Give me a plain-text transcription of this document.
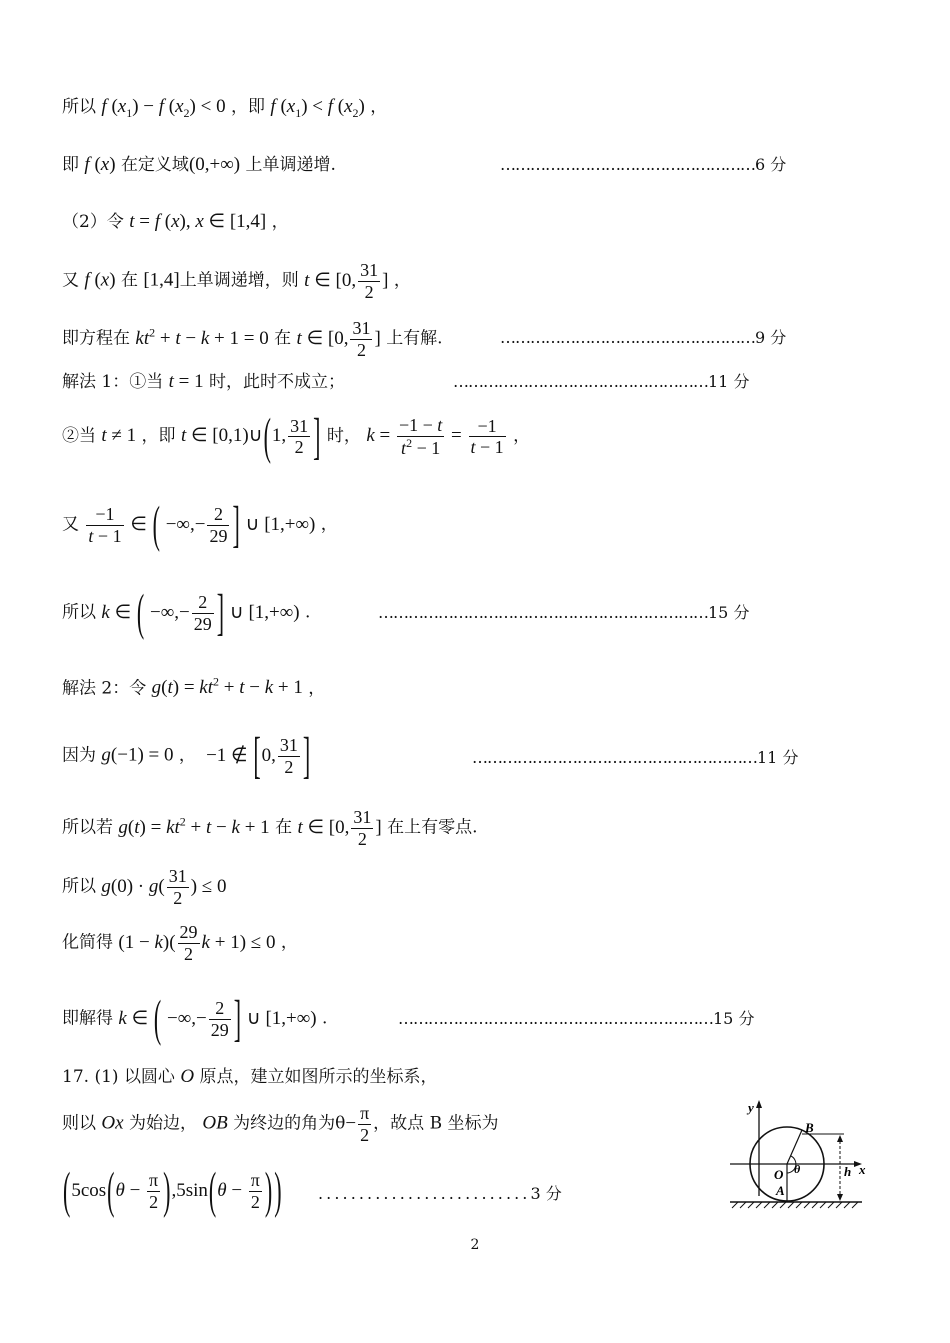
所以 f $(x_1) - f$ $(x_2) < 0$ ，即 f $(x_1) < f$ $(x_2)$ ，
即 f (x) 在定义域(0,+∞) 上单调递增.	……………………………………………6 分
（2）令 t = f (x), x ∈ [1,4] ，
又 f (x) 在 [1,4]上单调递增，则 t ∈ [0, $\frac{31}{2}$ ] ，
即方程在 $kt^2 + t - k + 1 = 0$ 在 t ∈ [0, $\frac{31}{2}$ ] 上有解.	……………………………………………9 分
解法 1：①当 t = 1 时，此时不成立；	……………………………………………11 分
②当 t ≠ 1 ，即 t ∈ [0,1)∪(1, $\frac{31}{2}$ ] 时， $k = \frac{-1 - t}{t^2 - 1} = \frac{-1}{t - 1}$ ，
又 $\frac{-1}{t - 1}$ ∈ ( −∞,− $\frac{2}{29}$ ] ∪ [1,+∞) ，
所以 k ∈ ( −∞,− $\frac{2}{29}$ ] ∪ [1,+∞) .	…………………………………………………………15 分
解法 2：令 $g(t) = kt^2 + t - k + 1$ ，
因为 g(−1) = 0 ，  −1 ∉ [0, $\frac{31}{2}$ ]	…………………………………………………11 分
所以若 $g(t) = kt^2 + t - k + 1$ 在 t ∈ [0, $\frac{31}{2}$ ] 在上有零点.
所以 $g(0) \cdot g( \frac{31}{2}$ ) ≤ 0
化简得 $(1 - k)( \frac{29}{2}$ k + 1) ≤ 0 ，
即解得 k ∈ ( −∞,− $\frac{2}{29}$ ] ∪ [1,+∞) .	………………………………………………………15 分
17. (1) 以圆心 O 原点，建立如图所示的坐标系，
则以 Ox 为始边， OB 为终边的角为$\theta- \frac{\pi}{2}$ ，故点 B 坐标为
($5\cos(\theta - \frac{\pi}{2} ),5\sin(\theta - \frac{\pi}{2}$ )) . . . . . . . . . . . . . . . . . . . . . . . . . . 3 分
y
x
B
O θ
A
h
2
